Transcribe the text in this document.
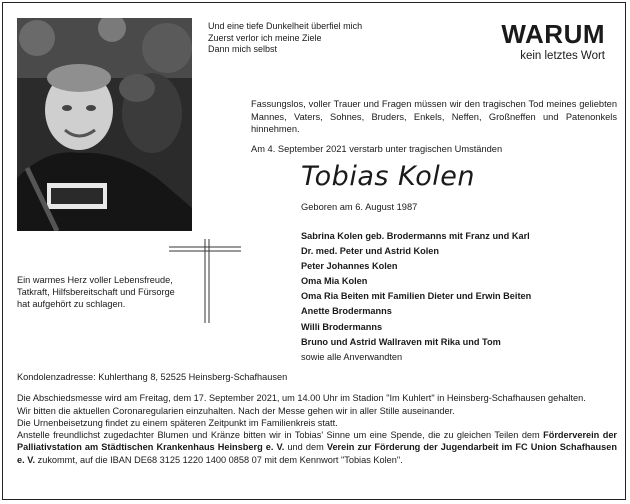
Und eine tiefe Dunkelheit überfiel mich
Zuerst verlor ich meine Ziele
Dann mich selbst	WARUM
kein letztes Wort
Fassungslos, voller Trauer und Fragen müssen wir den tragischen Tod meines geliebten Mannes, Vaters, Sohnes, Bruders, Enkels, Neffen, Großneffen und Patenonkels hinnehmen.
Am 4. September 2021 verstarb unter tragischen Umständen
Tobias Kolen
Geboren am 6. August 1987
Sabrina Kolen geb. Brodermanns mit Franz und Karl
Dr. med. Peter und Astrid Kolen
Peter Johannes Kolen
Oma Mia Kolen
Oma Ria Beiten mit Familien Dieter und Erwin Beiten
Anette Brodermanns
Willi Brodermanns
Bruno und Astrid Wallraven mit Rika und Tom
sowie alle Anverwandten
Ein warmes Herz voller Lebensfreude,
Tatkraft, Hilfsbereitschaft und Fürsorge
hat aufgehört zu schlagen.

Kondolenzadresse: Kuhlerthang 8, 52525 Heinsberg-Schafhausen

Die Abschiedsmesse wird am Freitag, dem 17. September 2021, um 14.00 Uhr im Stadion "Im Kuhlert" in Heinsberg-Schafhausen gehalten.

Wir bitten die aktuellen Coronaregularien einzuhalten. Nach der Messe gehen wir in aller Stille auseinander.

Die Urnenbeisetzung findet zu einem späteren Zeitpunkt im Familienkreis statt.

Anstelle freundlichst zugedachter Blumen und Kränze bitten wir in Tobias' Sinne um eine Spende, die zu gleichen Teilen dem Förderverein der Palliativstation am Städtischen Krankenhaus Heinsberg e. V. und dem Verein zur Förderung der Jugendarbeit im FC Union Schafhausen e. V. zukommt, auf die IBAN DE68 3125 1220 1400 0858 07 mit dem Kennwort "Tobias Kolen".
